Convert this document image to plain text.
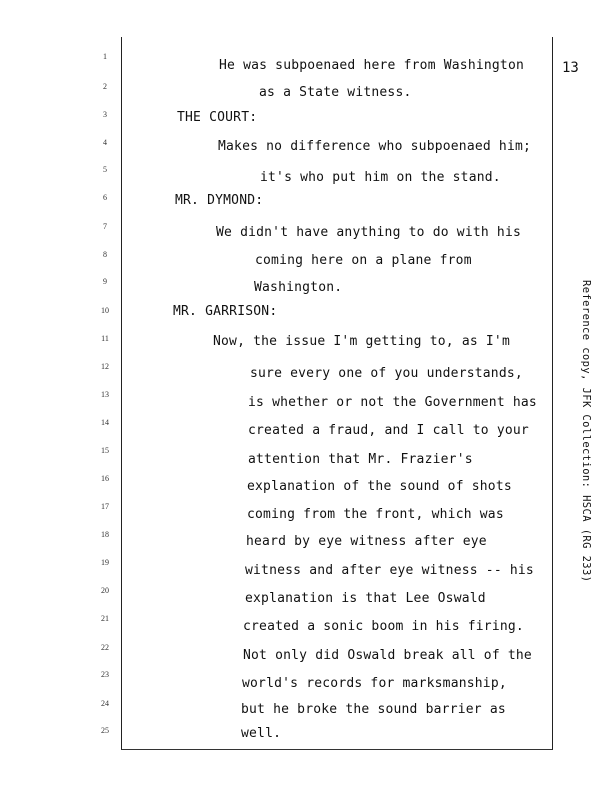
13
Reference copy, JFK Collection: HSCA (RG 233)
1
2
3
4
5
6
7
8
9
10
11
12
13
14
15
16
17
18
19
20
21
22
23
24
25
He was subpoenaed here from Washington
as a State witness.
THE COURT:
Makes no difference who subpoenaed him;
it's who put him on the stand.
MR. DYMOND:
We didn't have anything to do with his
coming here on a plane from
Washington.
MR. GARRISON:
Now, the issue I'm getting to, as I'm
sure every one of you understands,
is whether or not the Government has
created a fraud, and I call to your
attention that Mr. Frazier's
explanation of the sound of shots
coming from the front, which was
heard by eye witness after eye
witness and after eye witness -- his
explanation is that Lee Oswald
created a sonic boom in his firing.
Not only did Oswald break all of the
world's records for marksmanship,
but he broke the sound barrier as
well.
